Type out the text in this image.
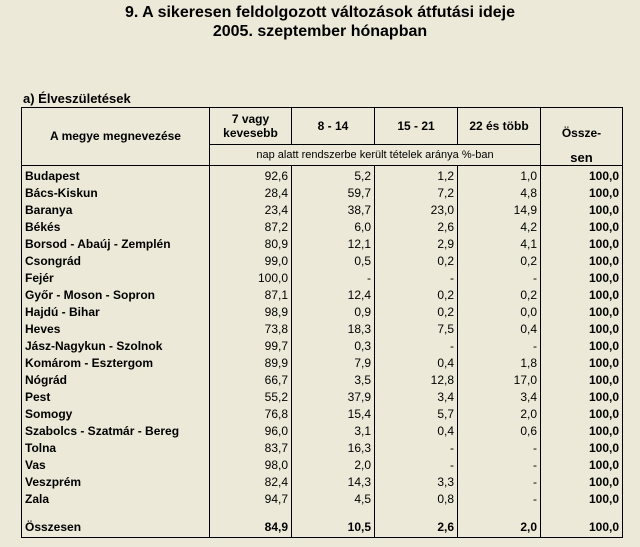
9. A sikeresen feldolgozott változások átfutási ideje
2005. szeptember hónapban
a) Élveszületések
A megye megnevezése	7 vagy kevesebb	8 - 14	15 - 21	22 és több	Össze-
	nap alatt rendszerbe került tételek aránya %-ban				sen
Budapest	92,6	5,2	1,2	1,0	100,0
Bács-Kiskun	28,4	59,7	7,2	4,8	100,0
Baranya	23,4	38,7	23,0	14,9	100,0
Békés	87,2	6,0	2,6	4,2	100,0
Borsod - Abaúj - Zemplén	80,9	12,1	2,9	4,1	100,0
Csongrád	99,0	0,5	0,2	0,2	100,0
Fejér	100,0	-	-	-	100,0
Győr - Moson - Sopron	87,1	12,4	0,2	0,2	100,0
Hajdú - Bihar	98,9	0,9	0,2	0,0	100,0
Heves	73,8	18,3	7,5	0,4	100,0
Jász-Nagykun - Szolnok	99,7	0,3	-	-	100,0
Komárom - Esztergom	89,9	7,9	0,4	1,8	100,0
Nógrád	66,7	3,5	12,8	17,0	100,0
Pest	55,2	37,9	3,4	3,4	100,0
Somogy	76,8	15,4	5,7	2,0	100,0
Szabolcs - Szatmár - Bereg	96,0	3,1	0,4	0,6	100,0
Tolna	83,7	16,3	-	-	100,0
Vas	98,0	2,0	-	-	100,0
Veszprém	82,4	14,3	3,3	-	100,0
Zala	94,7	4,5	0,8	-	100,0

Összesen	84,9	10,5	2,6	2,0	100,0
